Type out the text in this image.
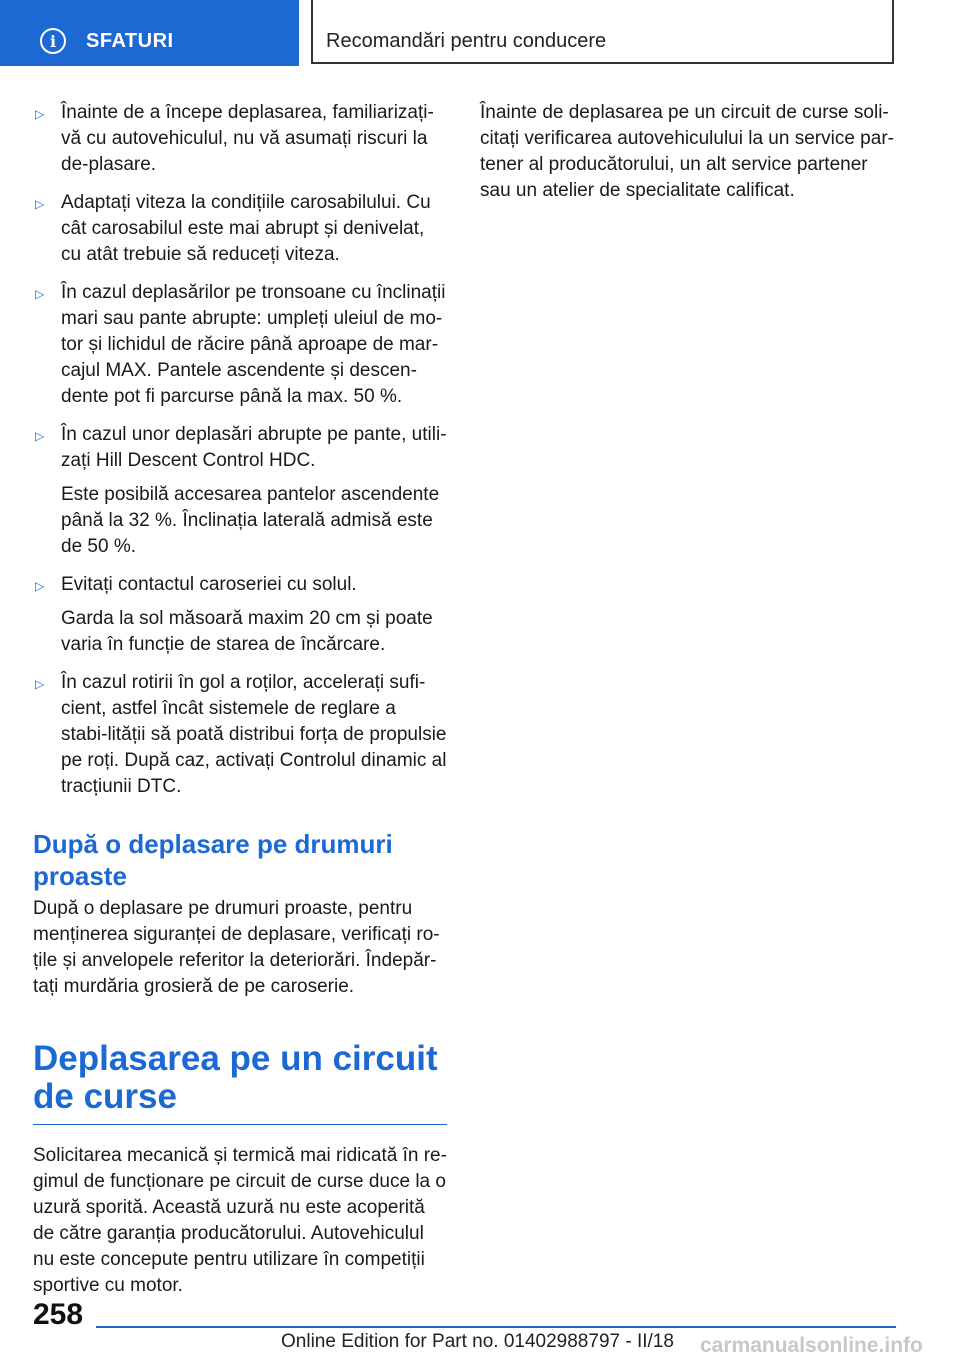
i	SFATURI	Recomandări pentru conducere
▷ Înainte de a începe deplasarea, familiarizați-vă cu autovehiculul, nu vă asumați riscuri la de-plasare.

▷ Adaptați viteza la condițiile carosabilului. Cu cât carosabilul este mai abrupt și denivelat, cu atât trebuie să reduceți viteza.

▷ În cazul deplasărilor pe tronsoane cu înclinații mari sau pante abrupte: umpleți uleiul de mo-tor și lichidul de răcire până aproape de mar-cajul MAX. Pantele ascendente și descen-dente pot fi parcurse până la max. 50 %.

▷ În cazul unor deplasări abrupte pe pante, utili-zați Hill Descent Control HDC.

Este posibilă accesarea pantelor ascendente până la 32 %. Înclinația laterală admisă este de 50 %.

▷ Evitați contactul caroseriei cu solul.

Garda la sol măsoară maxim 20 cm și poate varia în funcție de starea de încărcare.

▷ În cazul rotirii în gol a roților, accelerați sufi-cient, astfel încât sistemele de reglare a stabi-lității să poată distribui forța de propulsie pe roți. După caz, activați Controlul dinamic al tracțiunii DTC.

După o deplasare pe drumuri proaste

După o deplasare pe drumuri proaste, pentru menținerea siguranței de deplasare, verificați ro-țile și anvelopele referitor la deteriorări. Îndepăr-tați murdăria grosieră de pe caroserie.

Deplasarea pe un circuit de curse

Solicitarea mecanică și termică mai ridicată în re-gimul de funcționare pe circuit de curse duce la o uzură sporită. Această uzură nu este acoperită de către garanția producătorului. Autovehiculul nu este concepute pentru utilizare în competiții sportive cu motor.

Înainte de deplasarea pe un circuit de curse soli-citați verificarea autovehiculului la un service par-tener al producătorului, un alt service partener sau un atelier de specialitate calificat.

258
Online Edition for Part no. 01402988797 - II/18 carmanualsonline.info
